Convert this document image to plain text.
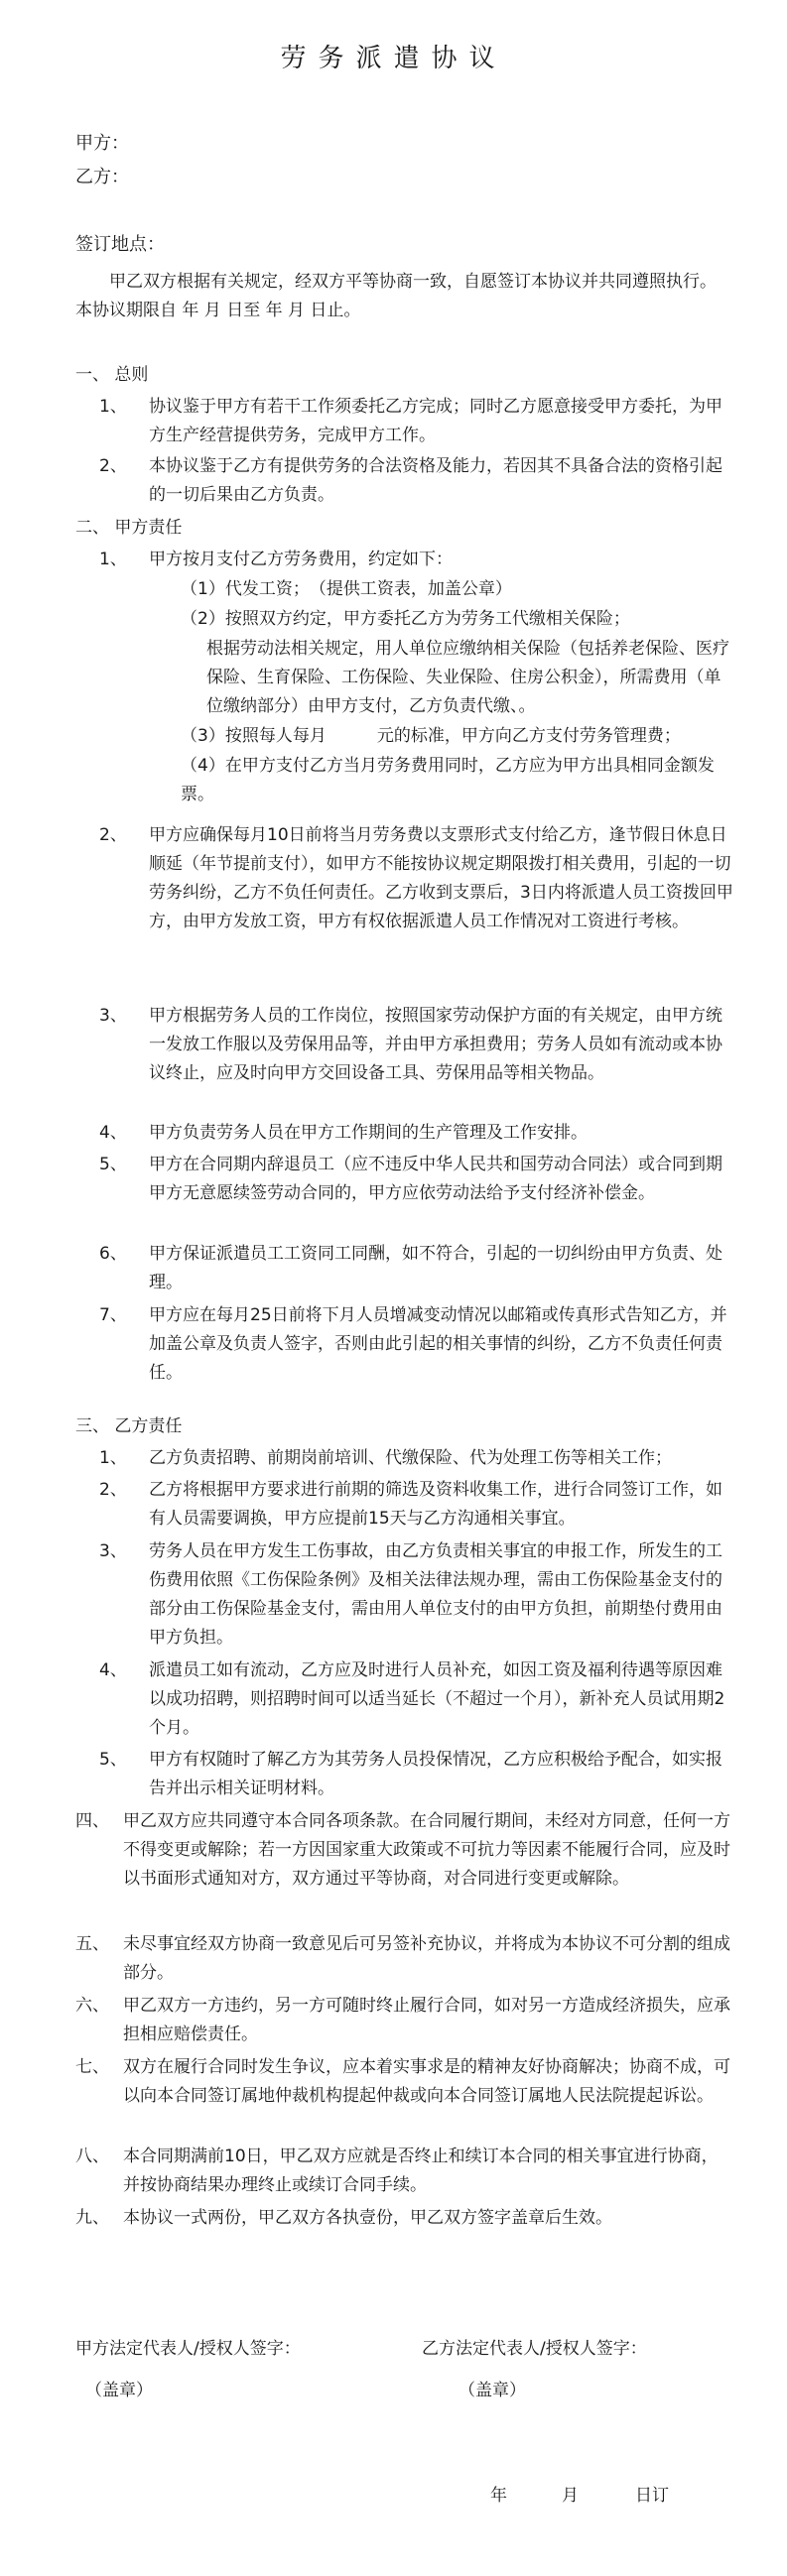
劳务派遣协议
甲方：
乙方：
签订地点：
甲乙双方根据有关规定，经双方平等协商一致，自愿签订本协议并共同遵照执行。本协议期限自 年 月 日至 年 月 日止。
一、 总则
1、 协议鉴于甲方有若干工作须委托乙方完成；同时乙方愿意接受甲方委托，为甲方生产经营提供劳务，完成甲方工作。
2、 本协议鉴于乙方有提供劳务的合法资格及能力，若因其不具备合法的资格引起的一切后果由乙方负责。
二、 甲方责任
1、 甲方按月支付乙方劳务费用，约定如下：
（1）代发工资；　（提供工资表，加盖公章）
（2）按照双方约定，甲方委托乙方为劳务工代缴相关保险；
根据劳动法相关规定，用人单位应缴纳相关保险（包括养老保险、医疗保险、生育保险、工伤保险、失业保险、住房公积金），所需费用（单位缴纳部分）由甲方支付，乙方负责代缴、。
（3）按照每人每月　　　元的标准，甲方向乙方支付劳务管理费；
（4）在甲方支付乙方当月劳务费用同时，乙方应为甲方出具相同金额发票。
2、 甲方应确保每月10日前将当月劳务费以支票形式支付给乙方，逢节假日休息日顺延（年节提前支付），如甲方不能按协议规定期限拨打相关费用，引起的一切劳务纠纷，乙方不负任何责任。乙方收到支票后，3日内将派遣人员工资拨回甲方，由甲方发放工资，甲方有权依据派遣人员工作情况对工资进行考核。
3、 甲方根据劳务人员的工作岗位，按照国家劳动保护方面的有关规定，由甲方统一发放工作服以及劳保用品等，并由甲方承担费用；劳务人员如有流动或本协议终止，应及时向甲方交回设备工具、劳保用品等相关物品。
4、 甲方负责劳务人员在甲方工作期间的生产管理及工作安排。
5、 甲方在合同期内辞退员工（应不违反中华人民共和国劳动合同法）或合同到期甲方无意愿续签劳动合同的，甲方应依劳动法给予支付经济补偿金。
6、 甲方保证派遣员工工资同工同酬，如不符合，引起的一切纠纷由甲方负责、处理。
7、 甲方应在每月25日前将下月人员增减变动情况以邮箱或传真形式告知乙方，并加盖公章及负责人签字，否则由此引起的相关事情的纠纷，乙方不负责任何责任。
三、 乙方责任
1、 乙方负责招聘、前期岗前培训、代缴保险、代为处理工伤等相关工作；
2、 乙方将根据甲方要求进行前期的筛选及资料收集工作，进行合同签订工作，如有人员需要调换，甲方应提前15天与乙方沟通相关事宜。
3、 劳务人员在甲方发生工伤事故，由乙方负责相关事宜的申报工作，所发生的工伤费用依照《工伤保险条例》及相关法律法规办理，需由工伤保险基金支付的部分由工伤保险基金支付，需由用人单位支付的由甲方负担，前期垫付费用由甲方负担。
4、 派遣员工如有流动，乙方应及时进行人员补充，如因工资及福利待遇等原因难以成功招聘，则招聘时间可以适当延长（不超过一个月），新补充人员试用期2个月。
5、 甲方有权随时了解乙方为其劳务人员投保情况，乙方应积极给予配合，如实报告并出示相关证明材料。
四、 甲乙双方应共同遵守本合同各项条款。在合同履行期间，未经对方同意，任何一方不得变更或解除；若一方因国家重大政策或不可抗力等因素不能履行合同，应及时以书面形式通知对方，双方通过平等协商，对合同进行变更或解除。
五、 未尽事宜经双方协商一致意见后可另签补充协议，并将成为本协议不可分割的组成部分。
六、 甲乙双方一方违约，另一方可随时终止履行合同，如对另一方造成经济损失，应承担相应赔偿责任。
七、 双方在履行合同时发生争议，应本着实事求是的精神友好协商解决；协商不成，可以向本合同签订属地仲裁机构提起仲裁或向本合同签订属地人民法院提起诉讼。
八、 本合同期满前10日，甲乙双方应就是否终止和续订本合同的相关事宜进行协商，并按协商结果办理终止或续订合同手续。
九、 本协议一式两份，甲乙双方各执壹份，甲乙双方签字盖章后生效。
甲方法定代表人/授权人签字：	乙方法定代表人/授权人签字：
（盖章）	（盖章）
年	月	日订
